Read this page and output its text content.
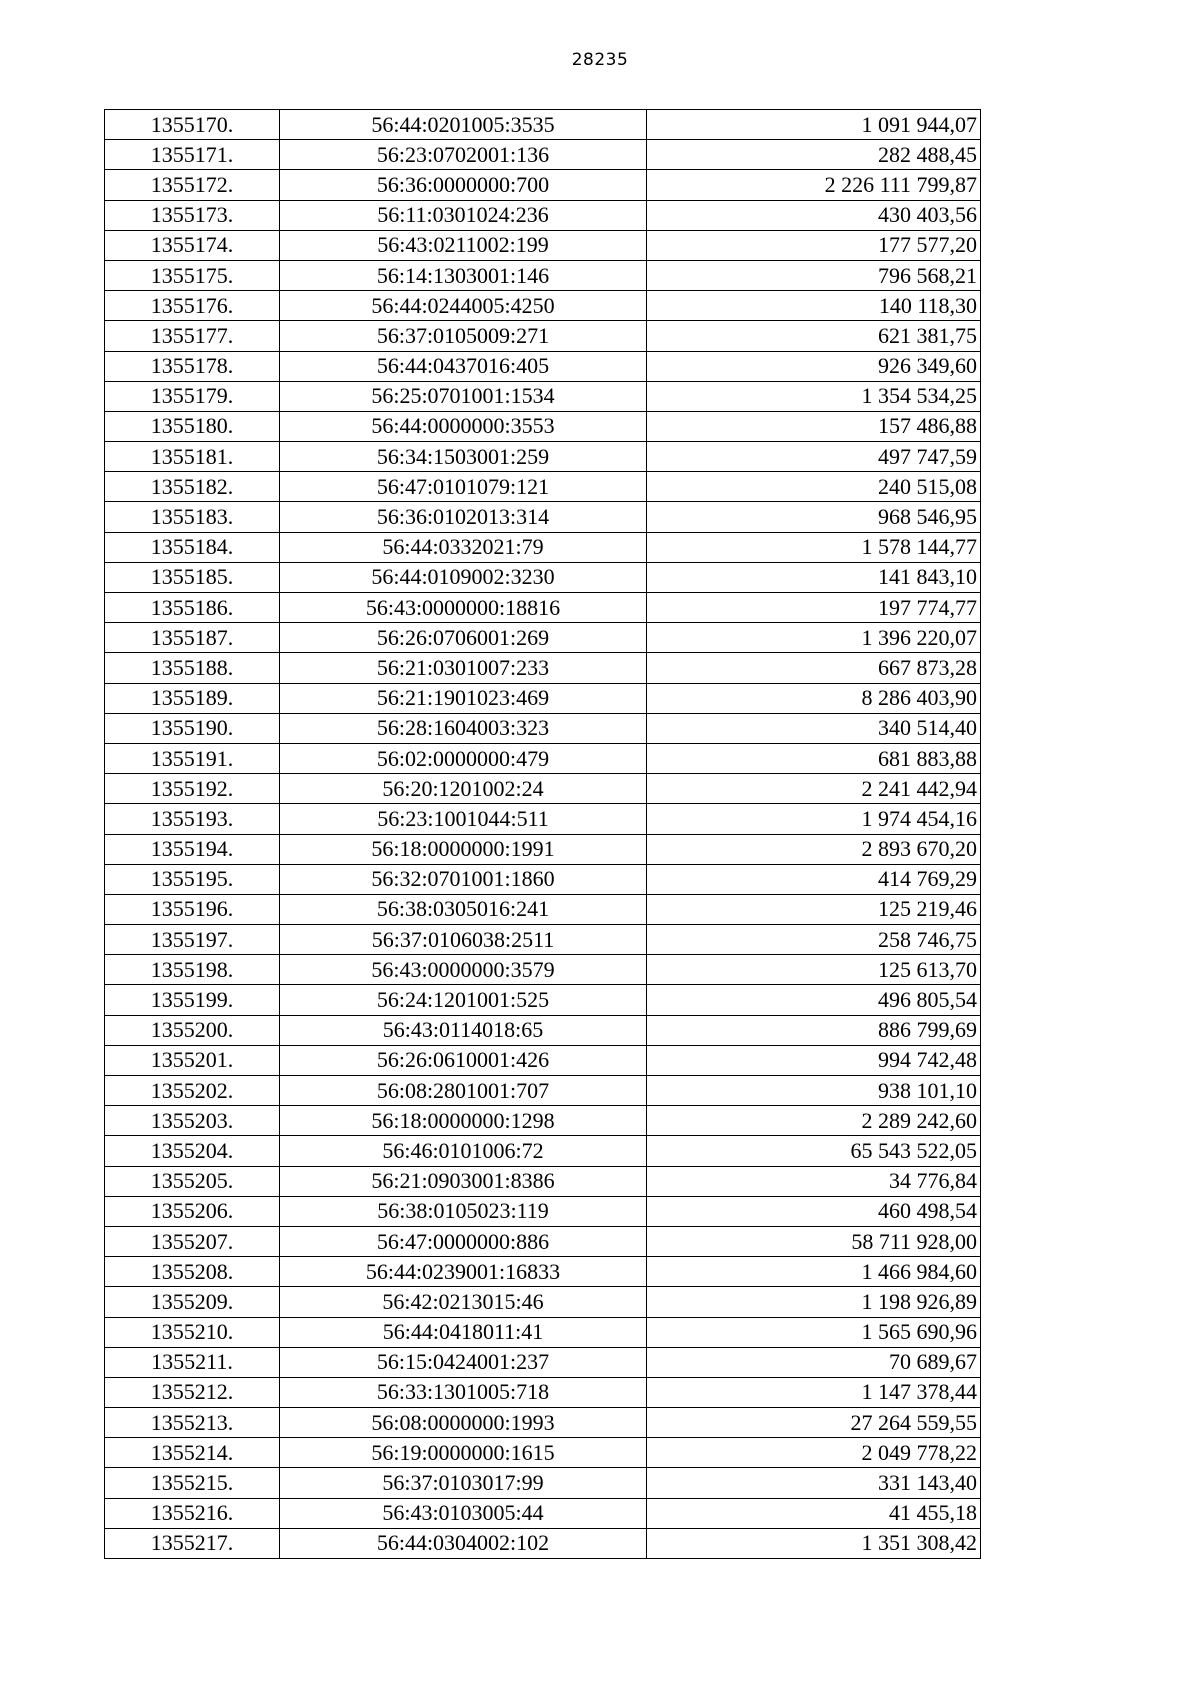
28235
1355170.	56:44:0201005:3535	1 091 944,07
1355171.	56:23:0702001:136	282 488,45
1355172.	56:36:0000000:700	2 226 111 799,87
1355173.	56:11:0301024:236	430 403,56
1355174.	56:43:0211002:199	177 577,20
1355175.	56:14:1303001:146	796 568,21
1355176.	56:44:0244005:4250	140 118,30
1355177.	56:37:0105009:271	621 381,75
1355178.	56:44:0437016:405	926 349,60
1355179.	56:25:0701001:1534	1 354 534,25
1355180.	56:44:0000000:3553	157 486,88
1355181.	56:34:1503001:259	497 747,59
1355182.	56:47:0101079:121	240 515,08
1355183.	56:36:0102013:314	968 546,95
1355184.	56:44:0332021:79	1 578 144,77
1355185.	56:44:0109002:3230	141 843,10
1355186.	56:43:0000000:18816	197 774,77
1355187.	56:26:0706001:269	1 396 220,07
1355188.	56:21:0301007:233	667 873,28
1355189.	56:21:1901023:469	8 286 403,90
1355190.	56:28:1604003:323	340 514,40
1355191.	56:02:0000000:479	681 883,88
1355192.	56:20:1201002:24	2 241 442,94
1355193.	56:23:1001044:511	1 974 454,16
1355194.	56:18:0000000:1991	2 893 670,20
1355195.	56:32:0701001:1860	414 769,29
1355196.	56:38:0305016:241	125 219,46
1355197.	56:37:0106038:2511	258 746,75
1355198.	56:43:0000000:3579	125 613,70
1355199.	56:24:1201001:525	496 805,54
1355200.	56:43:0114018:65	886 799,69
1355201.	56:26:0610001:426	994 742,48
1355202.	56:08:2801001:707	938 101,10
1355203.	56:18:0000000:1298	2 289 242,60
1355204.	56:46:0101006:72	65 543 522,05
1355205.	56:21:0903001:8386	34 776,84
1355206.	56:38:0105023:119	460 498,54
1355207.	56:47:0000000:886	58 711 928,00
1355208.	56:44:0239001:16833	1 466 984,60
1355209.	56:42:0213015:46	1 198 926,89
1355210.	56:44:0418011:41	1 565 690,96
1355211.	56:15:0424001:237	70 689,67
1355212.	56:33:1301005:718	1 147 378,44
1355213.	56:08:0000000:1993	27 264 559,55
1355214.	56:19:0000000:1615	2 049 778,22
1355215.	56:37:0103017:99	331 143,40
1355216.	56:43:0103005:44	41 455,18
1355217.	56:44:0304002:102	1 351 308,42
